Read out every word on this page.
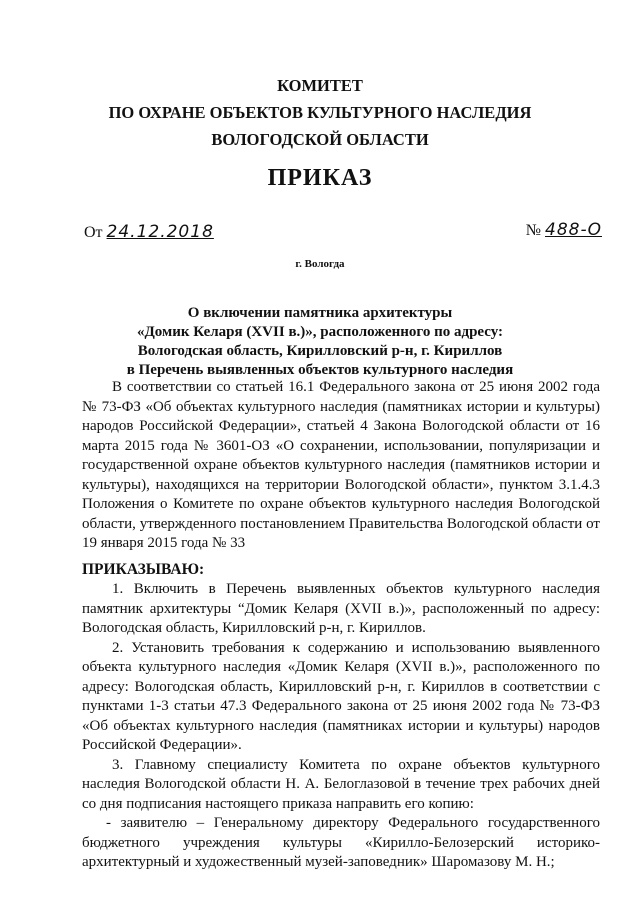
КОМИТЕТ
ПО ОХРАНЕ ОБЪЕКТОВ КУЛЬТУРНОГО НАСЛЕДИЯ
ВОЛОГОДСКОЙ ОБЛАСТИ
ПРИКАЗ
От 24.12.2018	№ 488-О
г. Вологда
О включении памятника архитектуры
«Домик Келаря (XVII в.)», расположенного по адресу:
Вологодская область, Кирилловский р-н, г. Кириллов
в Перечень выявленных объектов культурного наследия
В соответствии со статьей 16.1 Федерального закона от 25 июня 2002 года № 73-ФЗ «Об объектах культурного наследия (памятниках истории и культуры) народов Российской Федерации», статьей 4 Закона Вологодской области от 16 марта 2015 года № 3601-ОЗ «О сохранении, использовании, популяризации и государственной охране объектов культурного наследия (памятников истории и культуры), находящихся на территории Вологодской области», пунктом 3.1.4.3 Положения о Комитете по охране объектов культурного наследия Вологодской области, утвержденного постановлением Правительства Вологодской области от 19 января 2015 года № 33
ПРИКАЗЫВАЮ:

1. Включить в Перечень выявленных объектов культурного наследия памятник архитектуры “Домик Келаря (XVII в.)», расположенный по адресу: Вологодская область, Кирилловский р-н, г. Кириллов.

2. Установить требования к содержанию и использованию выявленного объекта культурного наследия «Домик Келаря (XVII в.)», расположенного по адресу: Вологодская область, Кирилловский р-н, г. Кириллов в соответствии с пунктами 1-3 статьи 47.3 Федерального закона от 25 июня 2002 года № 73-ФЗ «Об объектах культурного наследия (памятниках истории и культуры) народов Российской Федерации».

3. Главному специалисту Комитета по охране объектов культурного наследия Вологодской области Н. А. Белоглазовой в течение трех рабочих дней со дня подписания настоящего приказа направить его копию:

- заявителю – Генеральному директору Федерального государственного бюджетного учреждения культуры «Кирилло-Белозерский историко-архитектурный и художественный музей-заповедник» Шаромазову М. Н.;
